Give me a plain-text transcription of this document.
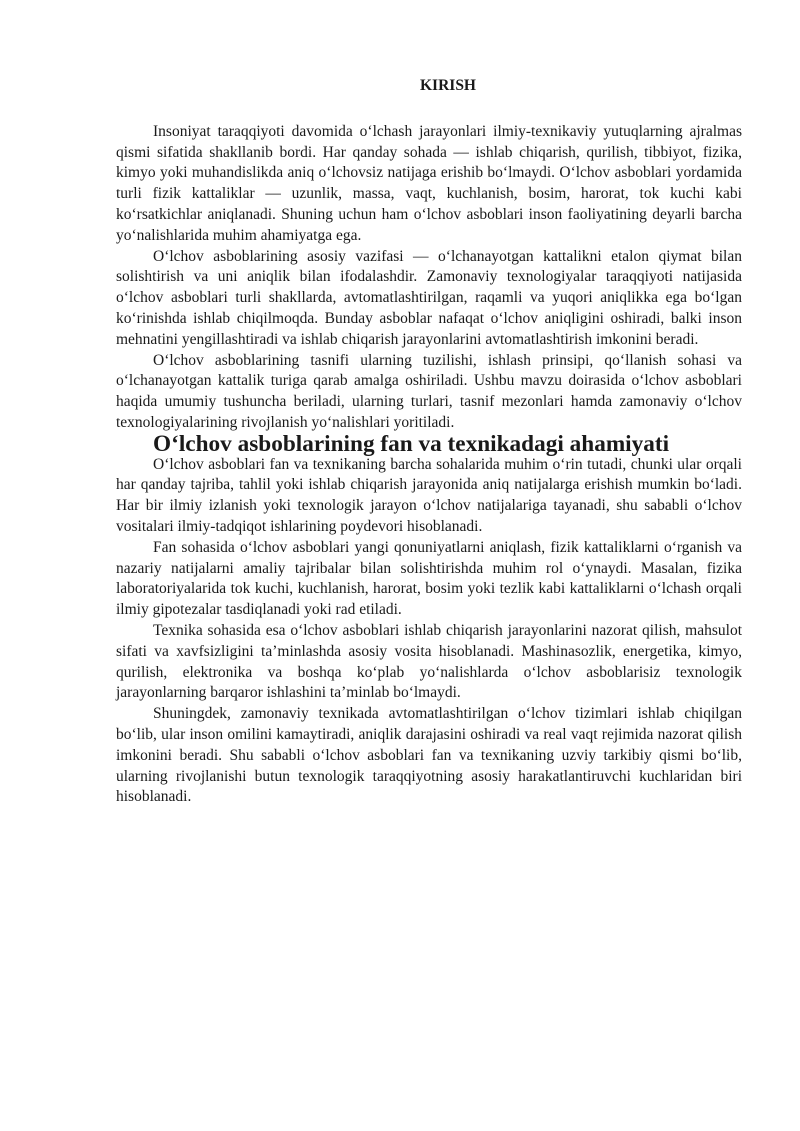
KIRISH

Insoniyat taraqqiyoti davomida oʻlchash jarayonlari ilmiy-texnikaviy yutuqlarning ajralmas qismi sifatida shakllanib bordi. Har qanday sohada — ishlab chiqarish, qurilish, tibbiyot, fizika, kimyo yoki muhandislikda aniq oʻlchovsiz natijaga erishib boʻlmaydi. Oʻlchov asboblari yordamida turli fizik kattaliklar — uzunlik, massa, vaqt, kuchlanish, bosim, harorat, tok kuchi kabi koʻrsatkichlar aniqlanadi. Shuning uchun ham oʻlchov asboblari inson faoliyatining deyarli barcha yoʻnalishlarida muhim ahamiyatga ega.

Oʻlchov asboblarining asosiy vazifasi — oʻlchanayotgan kattalikni etalon qiymat bilan solishtirish va uni aniqlik bilan ifodalashdir. Zamonaviy texnologiyalar taraqqiyoti natijasida oʻlchov asboblari turli shakllarda, avtomatlashtirilgan, raqamli va yuqori aniqlikka ega boʻlgan koʻrinishda ishlab chiqilmoqda. Bunday asboblar nafaqat oʻlchov aniqligini oshiradi, balki inson mehnatini yengillashtiradi va ishlab chiqarish jarayonlarini avtomatlashtirish imkonini beradi.

Oʻlchov asboblarining tasnifi ularning tuzilishi, ishlash prinsipi, qoʻllanish sohasi va oʻlchanayotgan kattalik turiga qarab amalga oshiriladi. Ushbu mavzu doirasida oʻlchov asboblari haqida umumiy tushuncha beriladi, ularning turlari, tasnif mezonlari hamda zamonaviy oʻlchov texnologiyalarining rivojlanish yoʻnalishlari yoritiladi.

Oʻlchov asboblarining fan va texnikadagi ahamiyati

Oʻlchov asboblari fan va texnikaning barcha sohalarida muhim oʻrin tutadi, chunki ular orqali har qanday tajriba, tahlil yoki ishlab chiqarish jarayonida aniq natijalarga erishish mumkin boʻladi. Har bir ilmiy izlanish yoki texnologik jarayon oʻlchov natijalariga tayanadi, shu sababli oʻlchov vositalari ilmiy-tadqiqot ishlarining poydevori hisoblanadi.

Fan sohasida oʻlchov asboblari yangi qonuniyatlarni aniqlash, fizik kattaliklarni oʻrganish va nazariy natijalarni amaliy tajribalar bilan solishtirishda muhim rol oʻynaydi. Masalan, fizika laboratoriyalarida tok kuchi, kuchlanish, harorat, bosim yoki tezlik kabi kattaliklarni oʻlchash orqali ilmiy gipotezalar tasdiqlanadi yoki rad etiladi.

Texnika sohasida esa oʻlchov asboblari ishlab chiqarish jarayonlarini nazorat qilish, mahsulot sifati va xavfsizligini taʼminlashda asosiy vosita hisoblanadi. Mashinasozlik, energetika, kimyo, qurilish, elektronika va boshqa koʻplab yoʻnalishlarda oʻlchov asboblarisiz texnologik jarayonlarning barqaror ishlashini taʼminlab boʻlmaydi.

Shuningdek, zamonaviy texnikada avtomatlashtirilgan oʻlchov tizimlari ishlab chiqilgan boʻlib, ular inson omilini kamaytiradi, aniqlik darajasini oshiradi va real vaqt rejimida nazorat qilish imkonini beradi. Shu sababli oʻlchov asboblari fan va texnikaning uzviy tarkibiy qismi boʻlib, ularning rivojlanishi butun texnologik taraqqiyotning asosiy harakatlantiruvchi kuchlaridan biri hisoblanadi.
